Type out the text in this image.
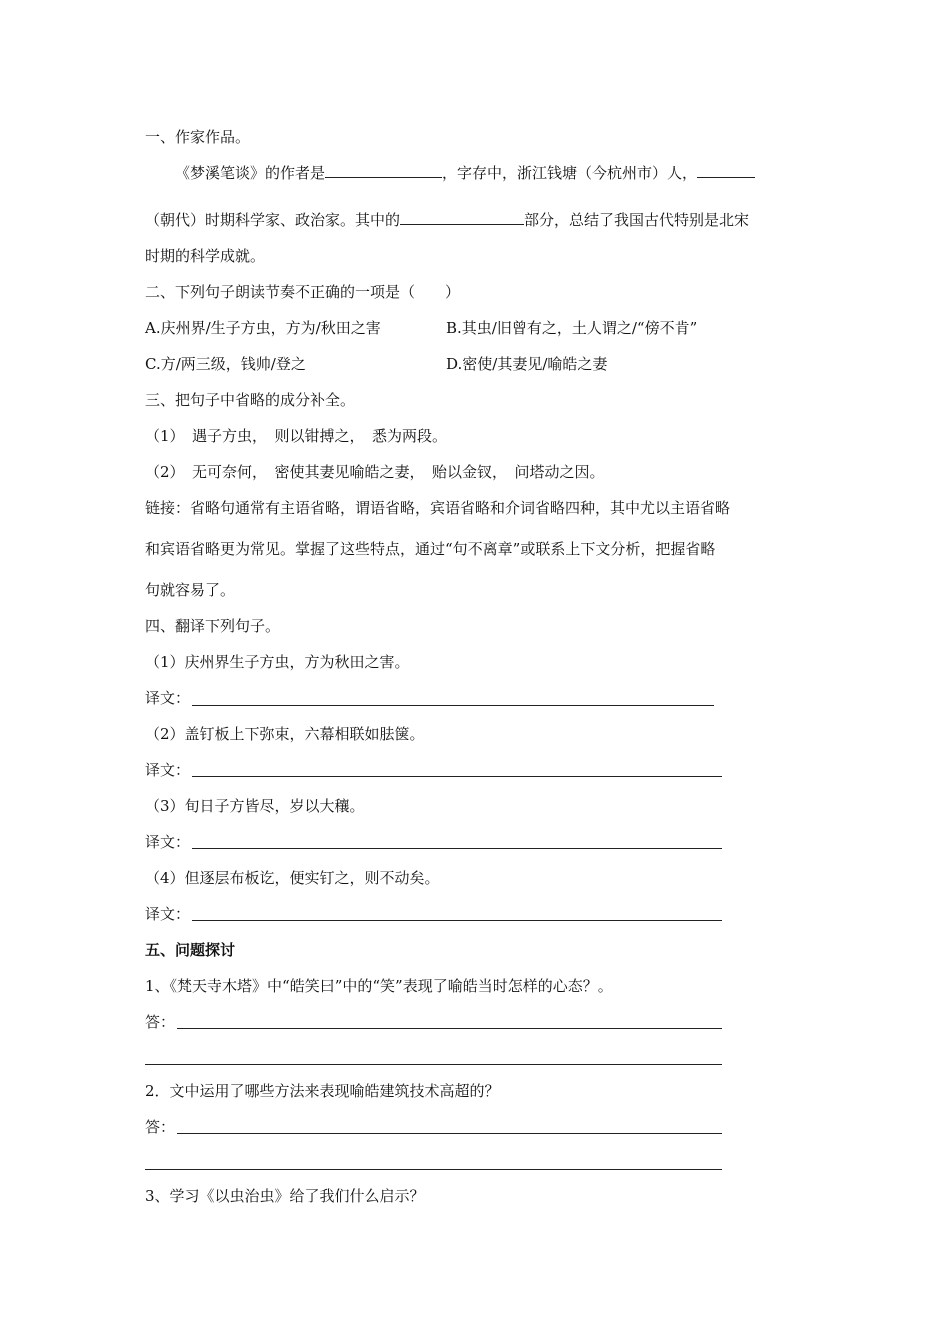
一、作家作品。
《梦溪笔谈》的作者是	，字存中，浙江钱塘（今杭州市）人，
（朝代）时期科学家、政治家。其中的	部分，总结了我国古代特别是北宋
时期的科学成就。
二、下列句子朗读节奏不正确的一项是（　　）
A.庆州界/生子方虫，方为/秋田之害	B.其虫/旧曾有之，土人谓之/“傍不肯”
C.方/两三级，钱帅/登之	D.密使/其妻见/喻皓之妻
三、把句子中省略的成分补全。
（1）　遇子方虫，　则以钳搏之，　悉为两段。
（2）　无可奈何，　密使其妻见喻皓之妻，　贻以金钗，　问塔动之因。
链接：省略句通常有主语省略，谓语省略，宾语省略和介词省略四种，其中尤以主语省略
和宾语省略更为常见。掌握了这些特点，通过“句不离章”或联系上下文分析，把握省略
句就容易了。
四、翻译下列句子。
（1）庆州界生子方虫，方为秋田之害。
译文：
（2）盖钉板上下弥束，六幕相联如胠箧。
译文：
（3）旬日子方皆尽，岁以大穰。
译文：
（4）但逐层布板讫，便实钉之，则不动矣。
译文：
五、问题探讨
1、《梵天寺木塔》中“皓笑曰”中的“笑”表现了喻皓当时怎样的心态？。
答：
2．文中运用了哪些方法来表现喻皓建筑技术高超的？
答：
3、学习《以虫治虫》给了我们什么启示？
